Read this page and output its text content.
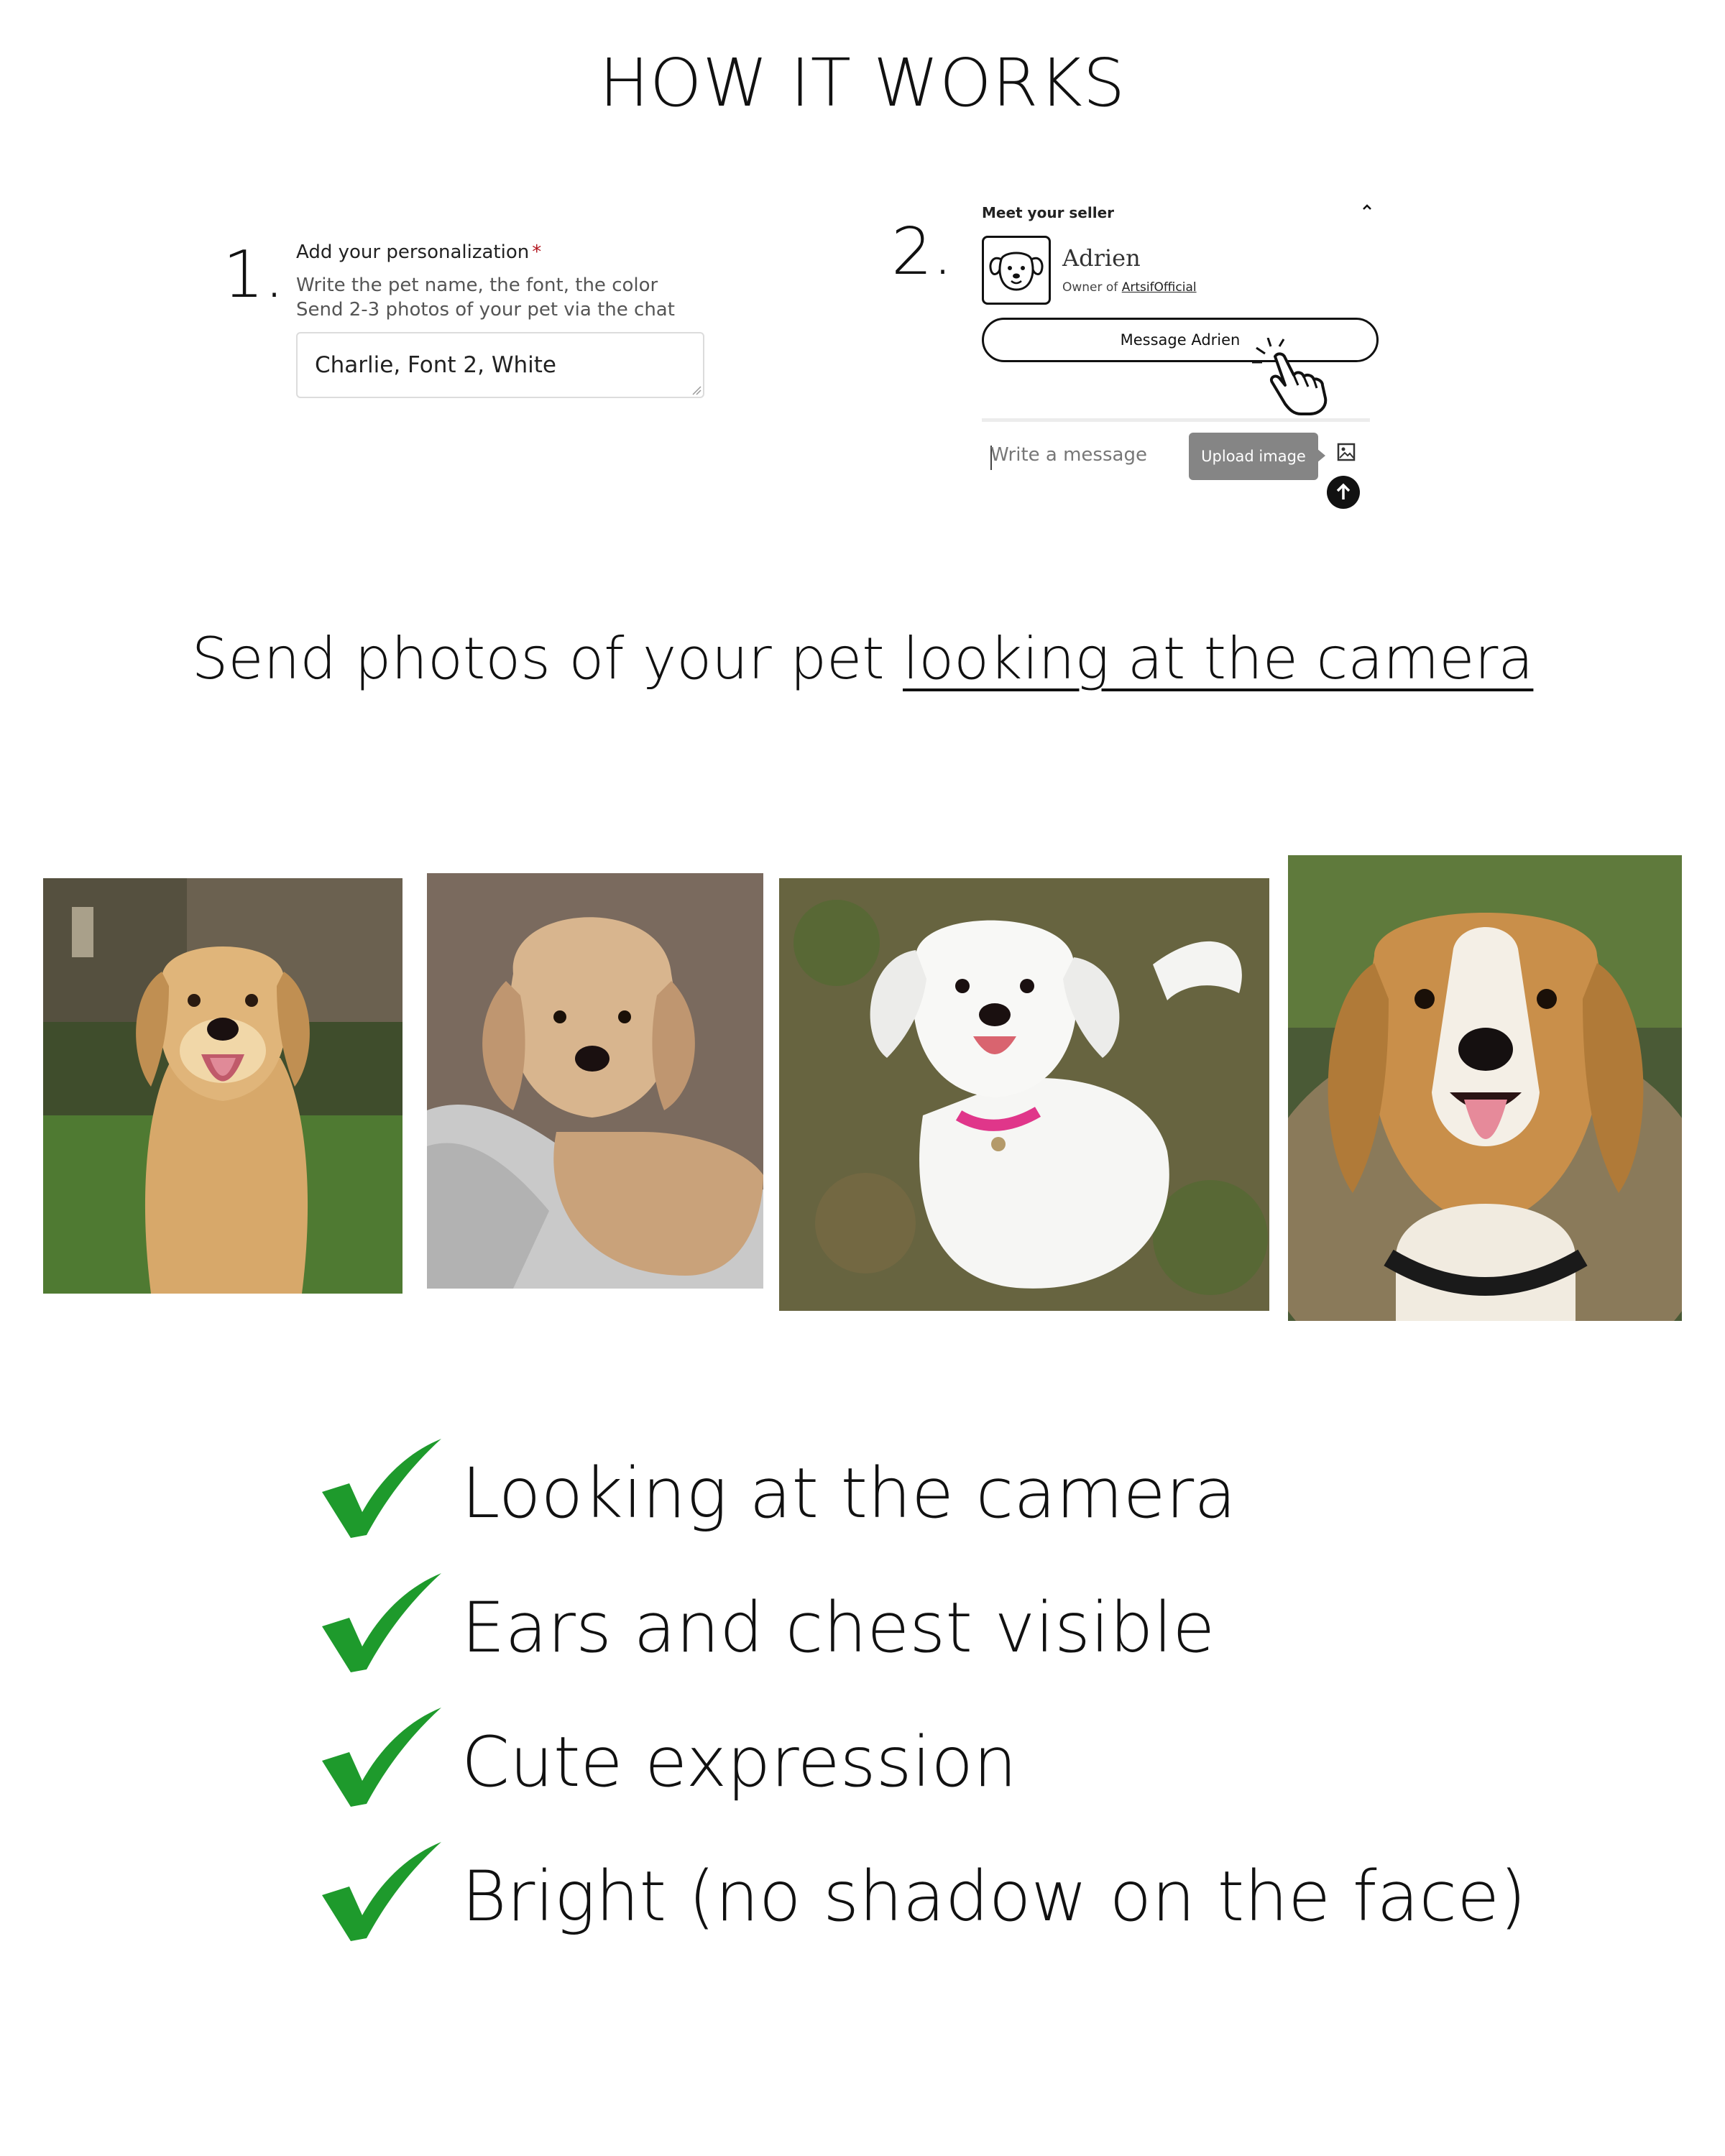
HOW IT WORKS
1. Add your personalization *
Write the pet name, the font, the color
Send 2-3 photos of your pet via the chat
Charlie, Font 2, White
2.
Meet your seller
Adrien
Owner of ArtsifOfficial
Message Adrien
Write a message	Upload image
Send photos of your pet looking at the camera
Looking at the camera
Ears and chest visible
Cute expression
Bright (no shadow on the face)
